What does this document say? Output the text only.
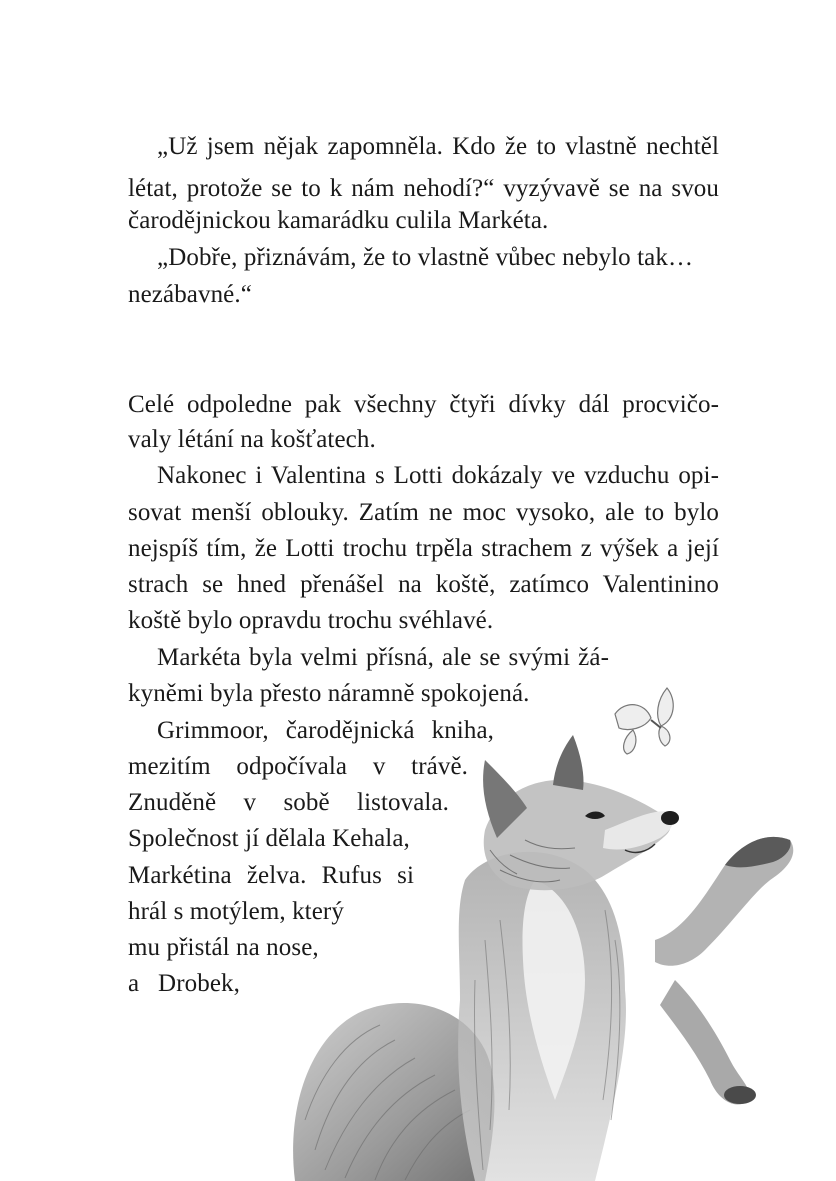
„Už jsem nějak zapomněla. Kdo že to vlastně nechtěl
létat, protože se to k nám nehodí?“ vyzývavě se na svou
čarodějnickou kamarádku culila Markéta.
„Dobře, přiznávám, že to vlastně vůbec nebylo tak…
nezábavné.“
Celé odpoledne pak všechny čtyři dívky dál procvičo-
valy létání na košťatech.
Nakonec i Valentina s Lotti dokázaly ve vzduchu opi-
sovat menší oblouky. Zatím ne moc vysoko, ale to bylo
nejspíš tím, že Lotti trochu trpěla strachem z výšek a její
strach se hned přenášel na koště, zatímco Valentinino
koště bylo opravdu trochu svéhlavé.
Markéta byla velmi přísná, ale se svými žá-
kyněmi byla přesto náramně spokojená.
Grimmoor, čarodějnická kniha,
mezitím odpočívala v trávě.
Znuděně v sobě listovala.
Společnost jí dělala Kehala,
Markétina želva. Rufus si
hrál s motýlem, který
mu přistál na nose,
a Drobek,
